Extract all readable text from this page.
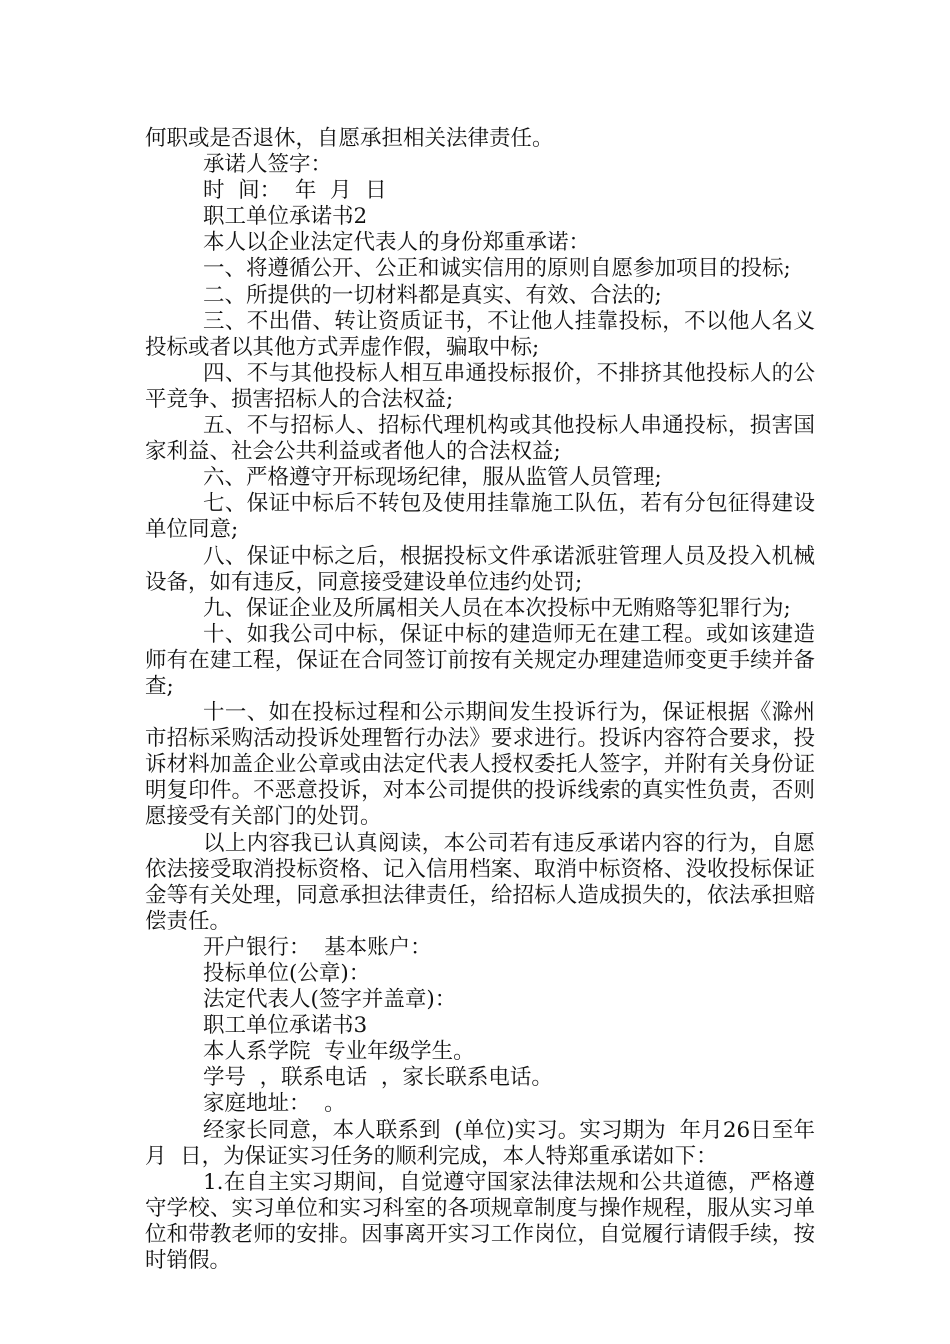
何职或是否退休，自愿承担相关法律责任。

承诺人签字：

时  间：  年  月  日

职工单位承诺书2

本人以企业法定代表人的身份郑重承诺：

一、将遵循公开、公正和诚实信用的原则自愿参加项目的投标;

二、所提供的一切材料都是真实、有效、合法的;

三、不出借、转让资质证书，不让他人挂靠投标，不以他人名义投标或者以其他方式弄虚作假，骗取中标;

四、不与其他投标人相互串通投标报价，不排挤其他投标人的公平竞争、损害招标人的合法权益;

五、不与招标人、招标代理机构或其他投标人串通投标，损害国家利益、社会公共利益或者他人的合法权益;

六、严格遵守开标现场纪律，服从监管人员管理;

七、保证中标后不转包及使用挂靠施工队伍，若有分包征得建设单位同意;

八、保证中标之后，根据投标文件承诺派驻管理人员及投入机械设备，如有违反，同意接受建设单位违约处罚;

九、保证企业及所属相关人员在本次投标中无贿赂等犯罪行为;

十、如我公司中标，保证中标的建造师无在建工程。或如该建造师有在建工程，保证在合同签订前按有关规定办理建造师变更手续并备查;

十一、如在投标过程和公示期间发生投诉行为，保证根据《滁州市招标采购活动投诉处理暂行办法》要求进行。投诉内容符合要求，投诉材料加盖企业公章或由法定代表人授权委托人签字，并附有关身份证明复印件。不恶意投诉，对本公司提供的投诉线索的真实性负责，否则愿接受有关部门的处罚。

以上内容我已认真阅读，本公司若有违反承诺内容的行为，自愿依法接受取消投标资格、记入信用档案、取消中标资格、没收投标保证金等有关处理，同意承担法律责任，给招标人造成损失的，依法承担赔偿责任。

开户银行：  基本账户：

投标单位(公章)：

法定代表人(签字并盖章)：

职工单位承诺书3

本人系学院  专业年级学生。

学号  ，联系电话  ，家长联系电话。

家庭地址：  。

经家长同意，本人联系到  (单位)实习。实习期为  年月26日至年  月  日，为保证实习任务的顺利完成，本人特郑重承诺如下：

1.在自主实习期间，自觉遵守国家法律法规和公共道德，严格遵守学校、实习单位和实习科室的各项规章制度与操作规程，服从实习单位和带教老师的安排。因事离开实习工作岗位，自觉履行请假手续，按时销假。
